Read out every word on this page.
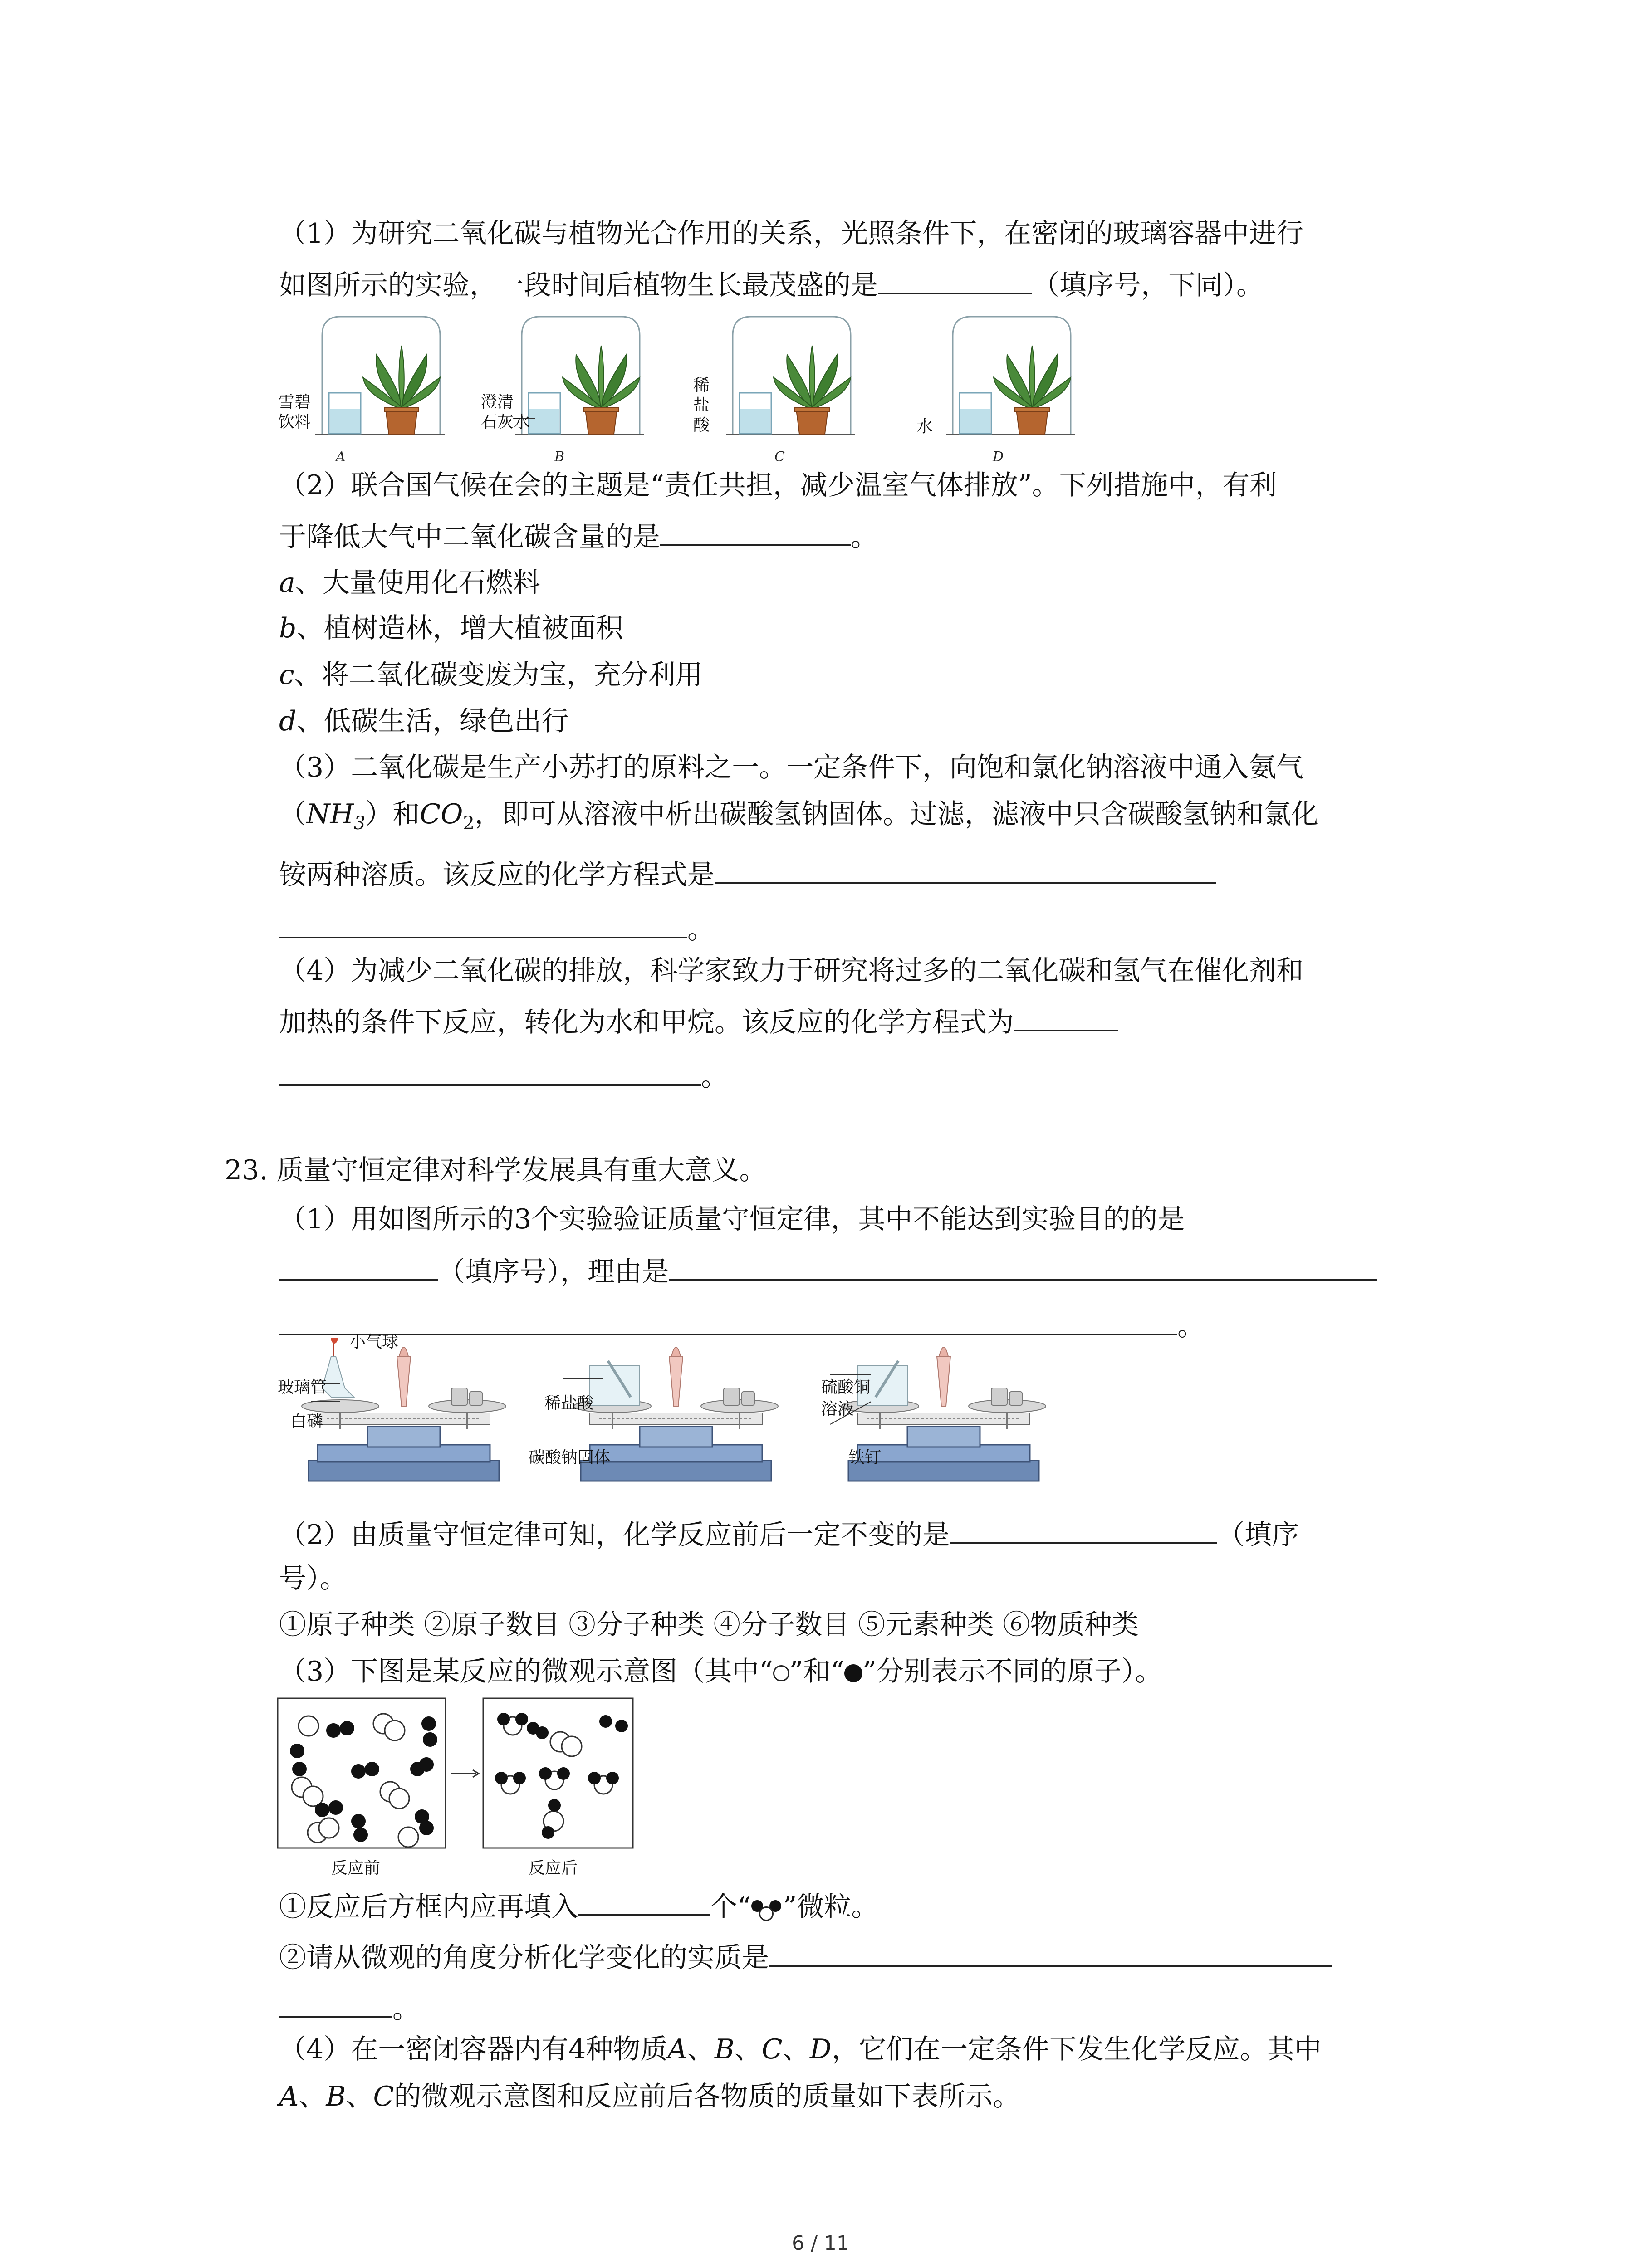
（1）为研究二氧化碳与植物光合作用的关系，光照条件下，在密闭的玻璃容器中进行
如图所示的实验，一段时间后植物生长最茂盛的是	（填序号，下同）。
雪碧
饮料
澄清
石灰水
稀
盐
酸	水
A	B	C	D
（2）联合国气候在会的主题是“责任共担，减少温室气体排放”。下列措施中，有利
于降低大气中二氧化碳含量的是	。
a、大量使用化石燃料
b、植树造林，增大植被面积
c、将二氧化碳变废为宝，充分利用
d、低碳生活，绿色出行
（3）二氧化碳是生产小苏打的原料之一。一定条件下，向饱和氯化钠溶液中通入氨气
$(NH_3)$和$CO_2$，即可从溶液中析出碳酸氢钠固体。过滤，滤液中只含碳酸氢钠和氯化
铵两种溶质。该反应的化学方程式是
。
（4）为减少二氧化碳的排放，科学家致力于研究将过多的二氧化碳和氢气在催化剂和
加热的条件下反应，转化为水和甲烷。该反应的化学方程式为
。
23. 质量守恒定律对科学发展具有重大意义。
（1）用如图所示的3个实验验证质量守恒定律，其中不能达到实验目的的是
（填序号），理由是
。
小气球
玻璃管
白磷
稀盐酸
碳酸钠固体
硫酸铜
溶液
铁钉
（2）由质量守恒定律可知，化学反应前后一定不变的是	（填序
号）。
①原子种类 ②原子数目 ③分子种类 ④分子数目 ⑤元素种类 ⑥物质种类
（3）下图是某反应的微观示意图（其中“ ”和“ ”分别表示不同的原子）。
反应前	反应后
①反应后方框内应再填入	个“ ”微粒。
②请从微观的角度分析化学变化的实质是
。
（4）在一密闭容器内有4种物质A、B、C、D，它们在一定条件下发生化学反应。其中
A、B、C的微观示意图和反应前后各物质的质量如下表所示。
6 / 11
